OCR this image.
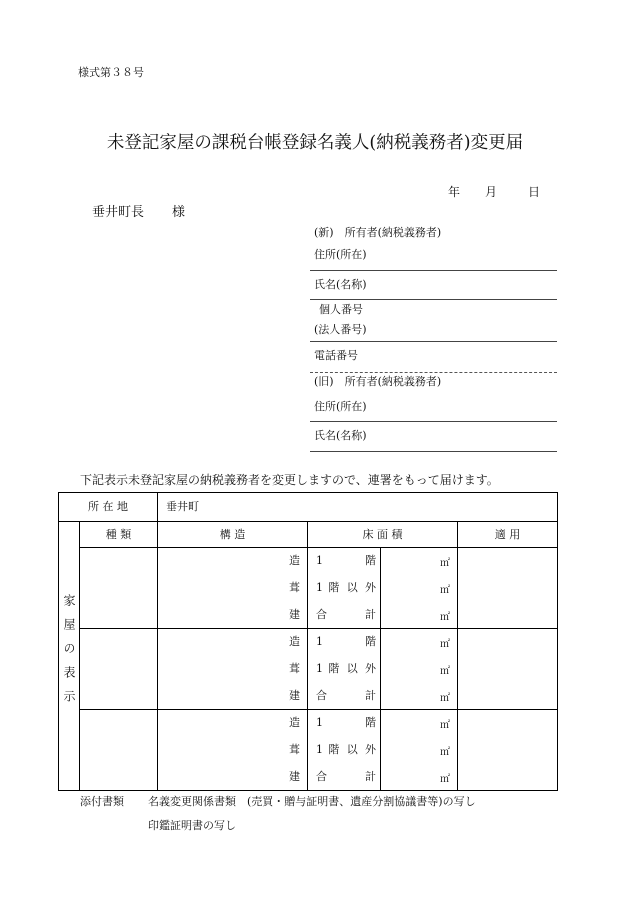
様式第３８号
未登記家屋の課税台帳登録名義人(納税義務者)変更届
年 月	日
垂井町長 様
(新)　所有者(納税義務者)
住所(所在)
氏名(名称)
個人番号
(法人番号)
電話番号
(旧)　所有者(納税義務者)
住所(所在)
氏名(名称)
下記表示未登記家屋の納税義務者を変更しますので、連署をもって届けます。
所 在 地		垂井町			
家屋の表示	種 類	構 造	床 面 積		適 用
		造	1　　階	㎡	
		葺	1 階 以 外	㎡	
		建	合　　計	㎡	
		造	1　　階	㎡	
		葺	1 階 以 外	㎡	
		建	合　　計	㎡	
		造	1　　階	㎡	
		葺	1 階 以 外	㎡	
		建	合　　計	㎡	
添付書類 名義変更関係書類　(売買・贈与証明書、遺産分割協議書等)の写し
印鑑証明書の写し
